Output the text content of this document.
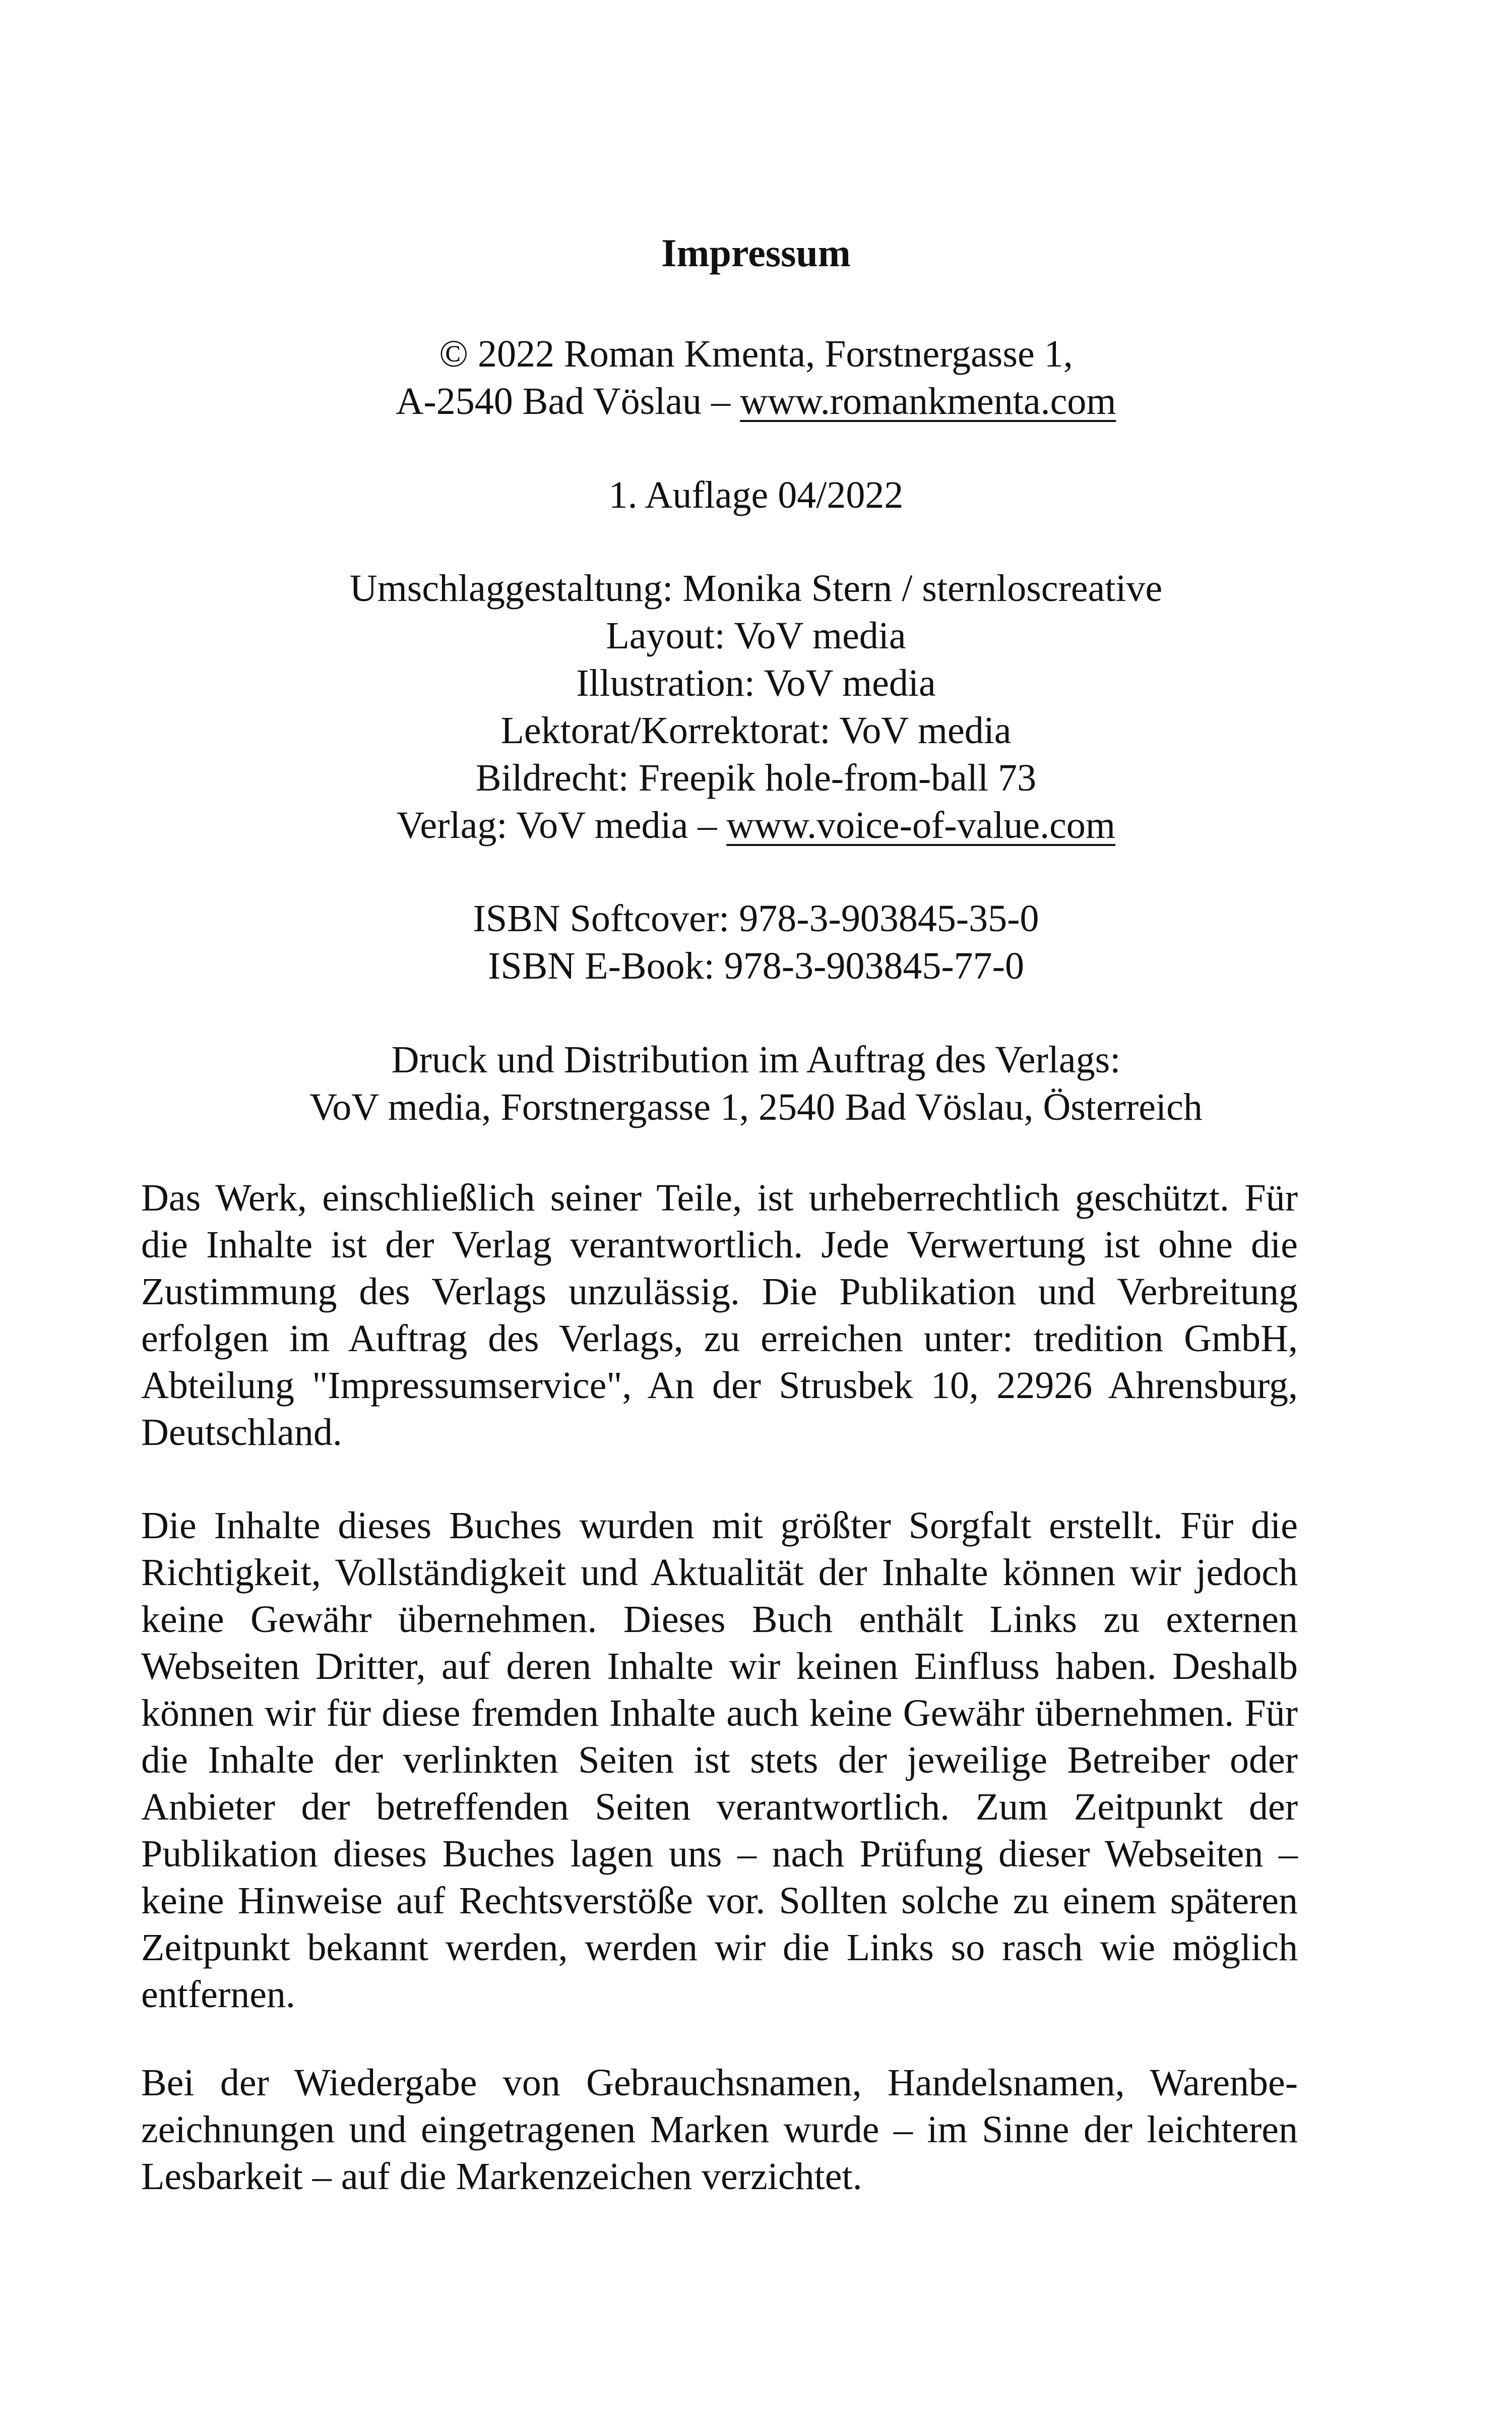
Impressum
© 2022 Roman Kmenta, Forstnergasse 1,
A-2540 Bad Vöslau – www.romankmenta.com
1. Auflage 04/2022
Umschlaggestaltung: Monika Stern / sternloscreative
Layout: VoV media
Illustration: VoV media
Lektorat/Korrektorat: VoV media
Bildrecht: Freepik hole-from-ball 73
Verlag: VoV media – www.voice-of-value.com
ISBN Softcover: 978-3-903845-35-0
ISBN E-Book: 978-3-903845-77-0
Druck und Distribution im Auftrag des Verlags:
VoV media, Forstnergasse 1, 2540 Bad Vöslau, Österreich
Das Werk, einschließlich seiner Teile, ist urheberrechtlich geschützt. Für die Inhalte ist der Verlag verantwortlich. Jede Verwertung ist ohne die Zustimmung des Verlags unzulässig. Die Publikation und Verbreitung erfolgen im Auftrag des Verlags, zu erreichen unter: tredition GmbH, Abteilung "Impressumservice", An der Strusbek 10, 22926 Ahrensburg, Deutschland.
Die Inhalte dieses Buches wurden mit größter Sorgfalt erstellt. Für die Richtigkeit, Vollständigkeit und Aktualität der Inhalte können wir jedoch keine Gewähr übernehmen. Dieses Buch enthält Links zu externen Webseiten Dritter, auf deren Inhalte wir keinen Einfluss haben. Deshalb können wir für diese fremden Inhalte auch keine Gewähr übernehmen. Für die Inhalte der verlinkten Seiten ist stets der jeweilige Betreiber oder Anbieter der betreffenden Seiten verantwortlich. Zum Zeitpunkt der Publikation dieses Buches lagen uns – nach Prüfung dieser Webseiten – keine Hinweise auf Rechtsverstöße vor. Sollten solche zu einem späteren Zeitpunkt bekannt werden, werden wir die Links so rasch wie möglich entfernen.
Bei der Wiedergabe von Gebrauchsnamen, Handelsnamen, Warenbezeichnungen und eingetragenen Marken wurde – im Sinne der leichteren Lesbarkeit – auf die Markenzeichen verzichtet.
